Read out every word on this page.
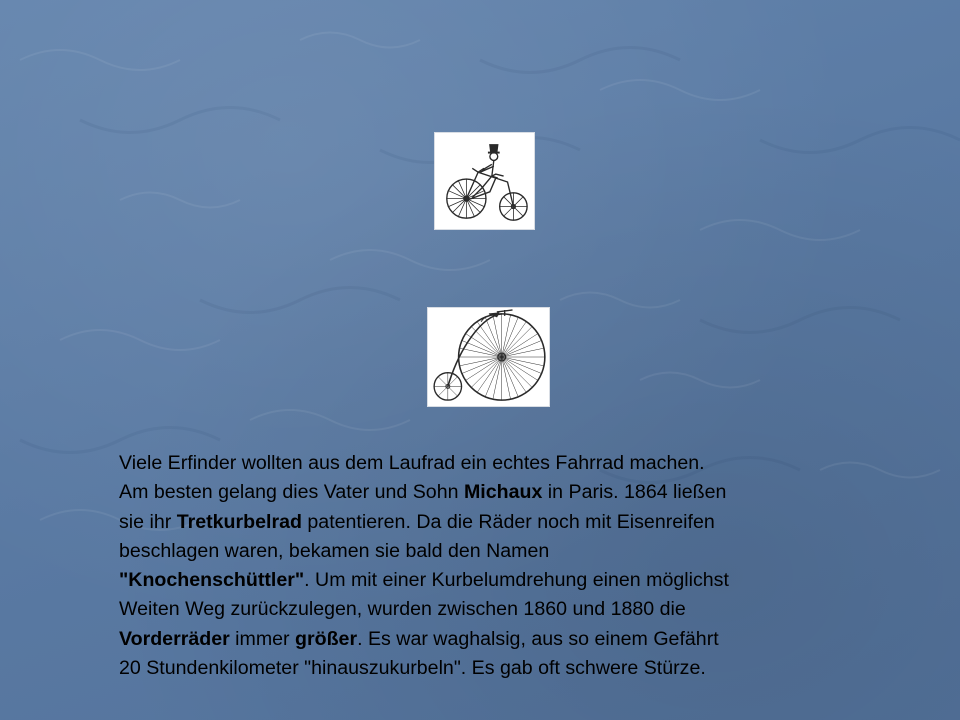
Viele Erfinder wollten aus dem Laufrad ein echtes Fahrrad machen.
Am besten gelang dies Vater und Sohn Michaux in Paris. 1864 ließen
sie ihr Tretkurbelrad patentieren. Da die Räder noch mit Eisenreifen
beschlagen waren, bekamen sie bald den Namen
"Knochenschüttler". Um mit einer Kurbelumdrehung einen möglichst
Weiten Weg zurückzulegen, wurden zwischen 1860 und 1880 die
Vorderräder immer größer. Es war waghalsig, aus so einem Gefährt
20 Stundenkilometer "hinauszukurbeln". Es gab oft schwere Stürze.
